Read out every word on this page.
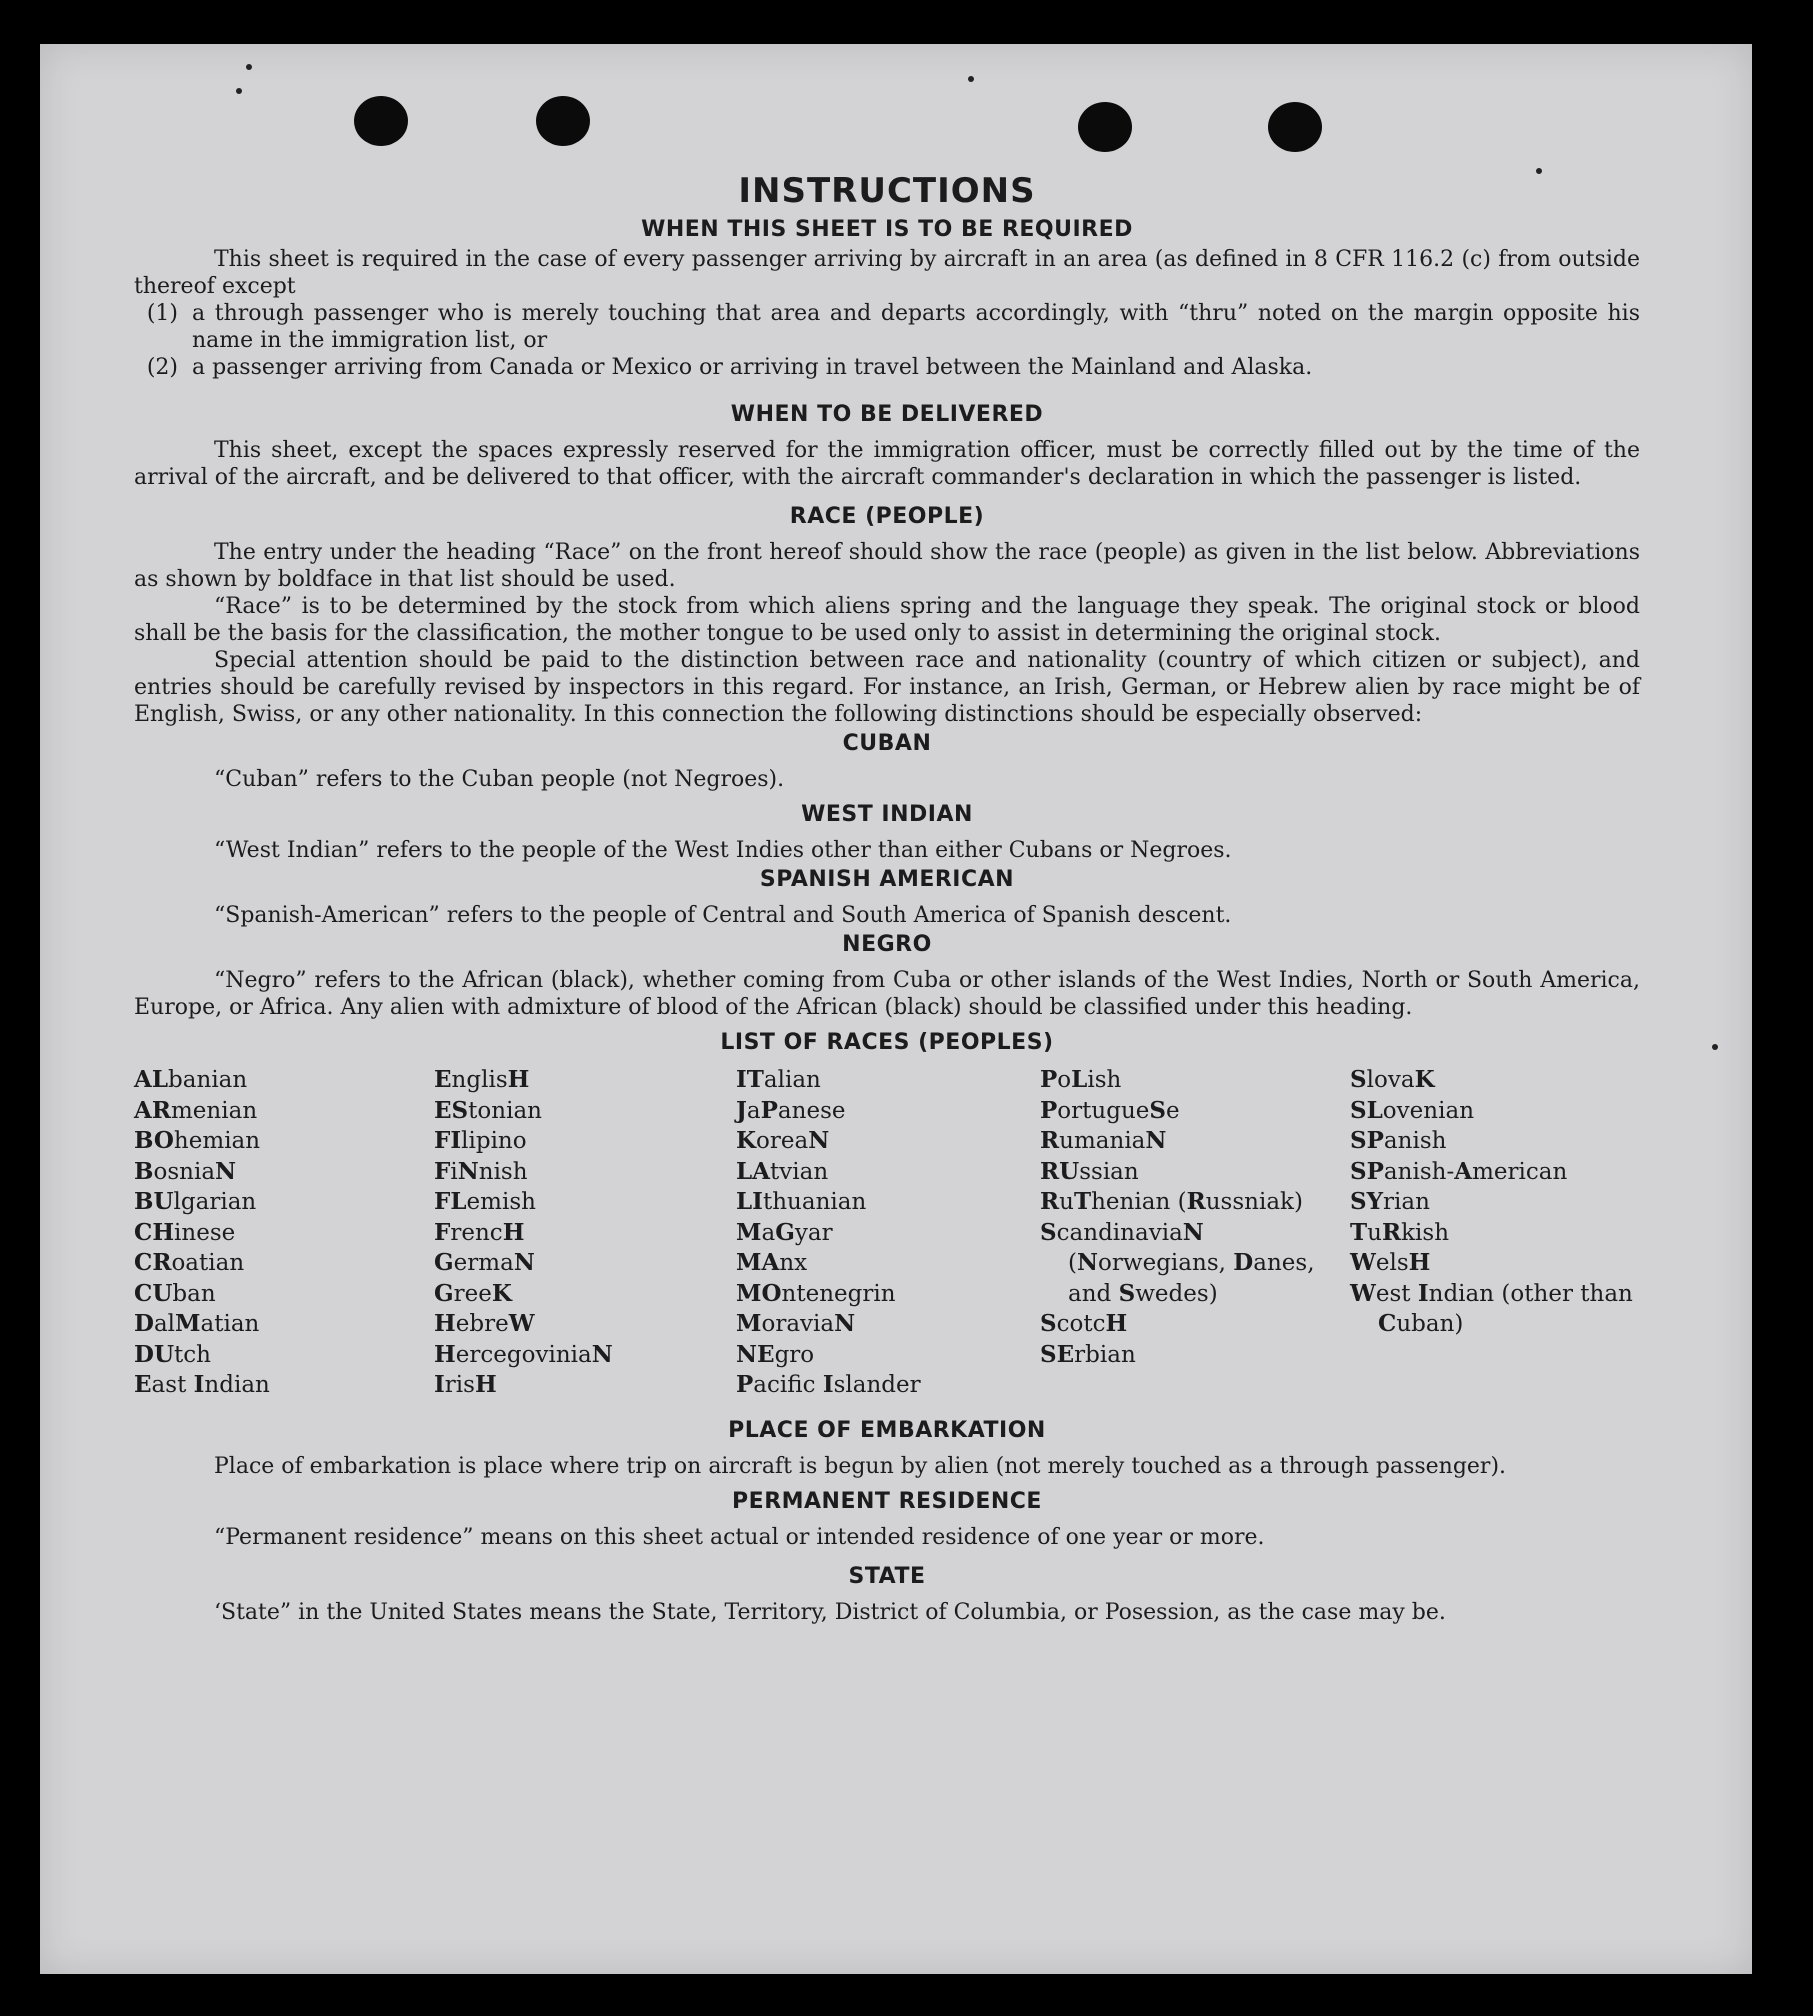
INSTRUCTIONS
WHEN THIS SHEET IS TO BE REQUIRED

This sheet is required in the case of every passenger arriving by aircraft in an area (as defined in 8 CFR 116.2 (c) from outside thereof except

(1) a through passenger who is merely touching that area and departs accordingly, with “thru” noted on the margin opposite his name in the immigration list, or
(2) a passenger arriving from Canada or Mexico or arriving in travel between the Mainland and Alaska.
WHEN TO BE DELIVERED

This sheet, except the spaces expressly reserved for the immigration officer, must be correctly filled out by the time of the arrival of the aircraft, and be delivered to that officer, with the aircraft commander's declaration in which the passenger is listed.

RACE (PEOPLE)

The entry under the heading “Race” on the front hereof should show the race (people) as given in the list below. Abbreviations as shown by boldface in that list should be used.

“Race” is to be determined by the stock from which aliens spring and the language they speak. The original stock or blood shall be the basis for the classification, the mother tongue to be used only to assist in determining the original stock.

Special attention should be paid to the distinction between race and nationality (country of which citizen or subject), and entries should be carefully revised by inspectors in this regard. For instance, an Irish, German, or Hebrew alien by race might be of English, Swiss, or any other nationality. In this connection the following distinctions should be especially observed:

CUBAN

“Cuban” refers to the Cuban people (not Negroes).

WEST INDIAN

“West Indian” refers to the people of the West Indies other than either Cubans or Negroes.

SPANISH AMERICAN

“Spanish-American” refers to the people of Central and South America of Spanish descent.

NEGRO

“Negro” refers to the African (black), whether coming from Cuba or other islands of the West Indies, North or South America, Europe, or Africa. Any alien with admixture of blood of the African (black) should be classified under this heading.

LIST OF RACES (PEOPLES)
ALbanian
ARmenian
BOhemian
BosniaN
BUlgarian
CHinese
CRoatian
CUban
DalMatian
DUtch
East Indian
EnglisH
EStonian
FIlipino
FiNnish
FLemish
FrencH
GermaN
GreeK
HebreW
HercegoviniaN
IrisH
ITalian
JaPanese
KoreaN
LAtvian
LIthuanian
MaGyar
MAnx
MOntenegrin
MoraviaN
NEgro
Pacifc Islander
PoLish
PortugueSe
RumaniaN
RUssian
RuThenian (Russniak)
ScandinaviaN (Norwegians, Danes, and Swedes)
ScotcH
SErbian
SlovaK
SLovenian
SPanish
SPanish-American
SYrian
TuRkish
WelsH
West Indian (other than Cuban)
PLACE OF EMBARKATION

Place of embarkation is place where trip on aircraft is begun by alien (not merely touched as a through passenger).

PERMANENT RESIDENCE

“Permanent residence” means on this sheet actual or intended residence of one year or more.

STATE

‘State” in the United States means the State, Territory, District of Columbia, or Posession, as the case may be.
